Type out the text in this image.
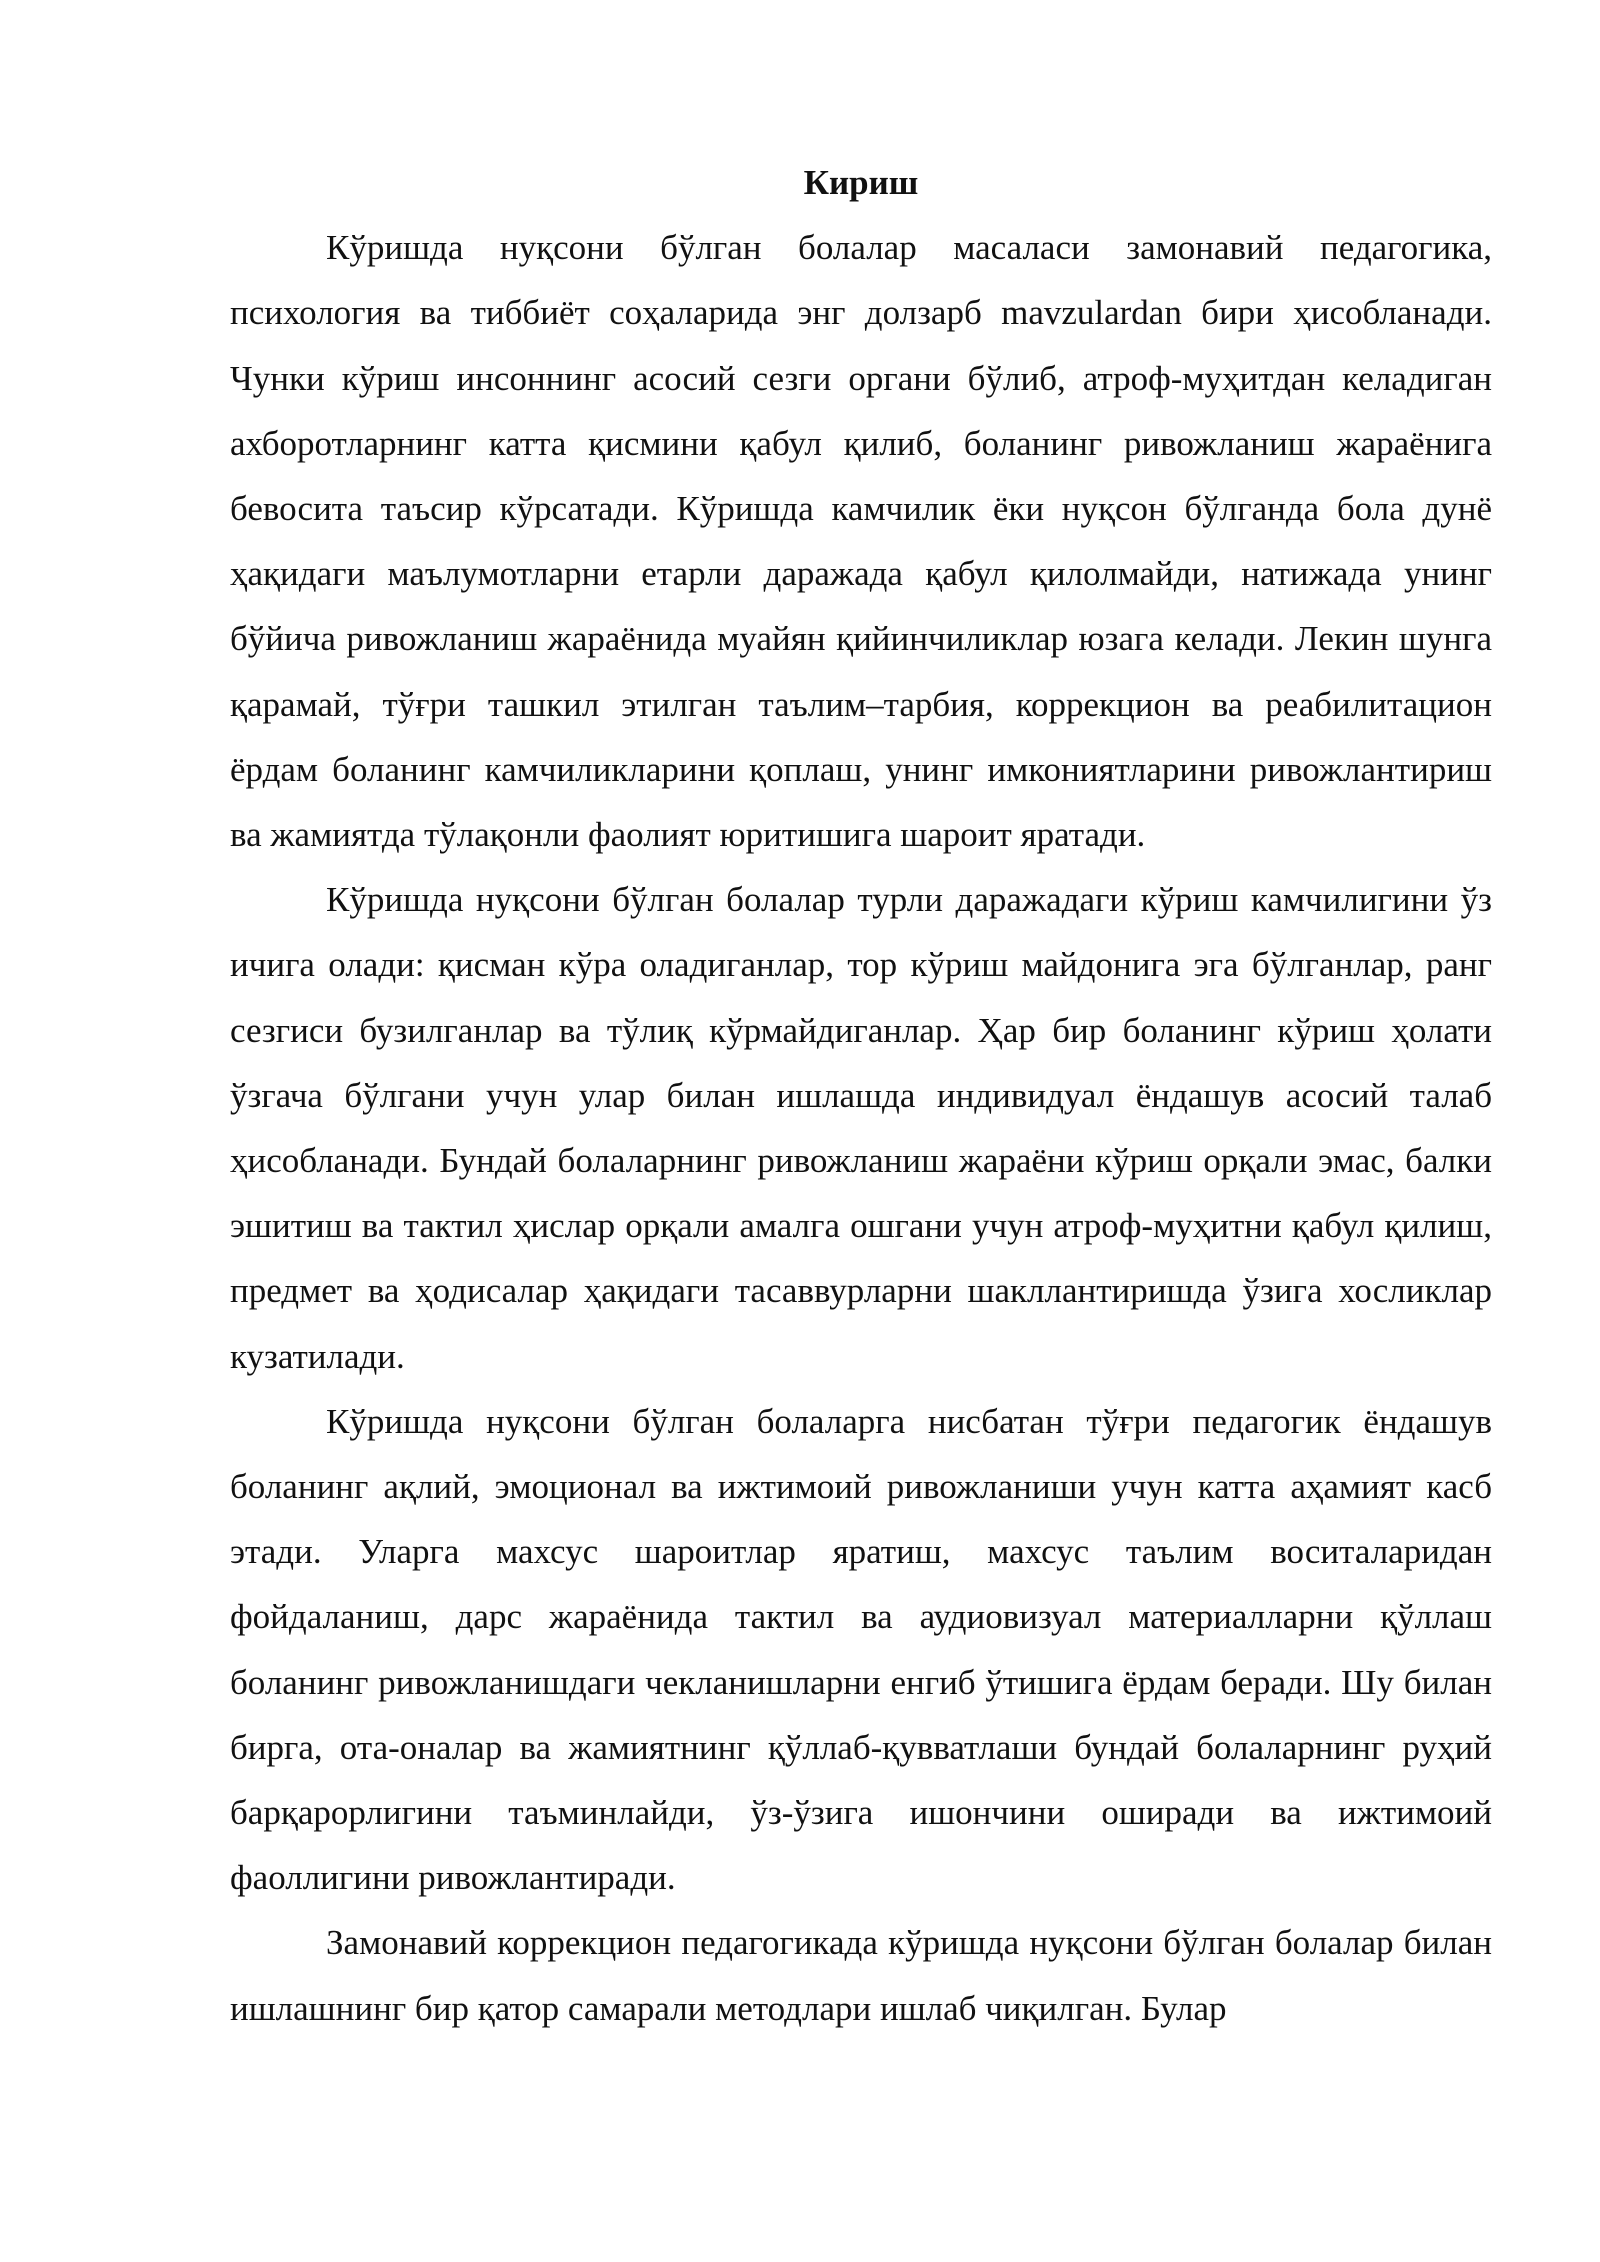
Кириш

Кўришда нуқсони бўлган болалар масаласи замонавий педагогика, психология ва тиббиёт соҳаларида энг долзарб mavzulardan бири ҳисобланади. Чунки кўриш инсоннинг асосий сезги органи бўлиб, атроф-муҳитдан келадиган ахборотларнинг катта қисмини қабул қилиб, боланинг ривожланиш жараёнига бевосита таъсир кўрсатади. Кўришда камчилик ёки нуқсон бўлганда бола дунё ҳақидаги маълумотларни етарли даражада қабул қилолмайди, натижада унинг бўйича ривожланиш жараёнида муайян қийинчиликлар юзага келади. Лекин шунга қарамай, тўғри ташкил этилган таълим–тарбия, коррекцион ва реабилитацион ёрдам боланинг камчиликларини қоплаш, унинг имкониятларини ривожлантириш ва жамиятда тўлақонли фаолият юритишига шароит яратади.

Кўришда нуқсони бўлган болалар турли даражадаги кўриш камчилигини ўз ичига олади: қисман кўра оладиганлар, тор кўриш майдонига эга бўлганлар, ранг сезгиси бузилганлар ва тўлиқ кўрмайдиганлар. Ҳар бир боланинг кўриш ҳолати ўзгача бўлгани учун улар билан ишлашда индивидуал ёндашув асосий талаб ҳисобланади. Бундай болаларнинг ривожланиш жараёни кўриш орқали эмас, балки эшитиш ва тактил ҳислар орқали амалга ошгани учун атроф-муҳитни қабул қилиш, предмет ва ҳодисалар ҳақидаги тасаввурларни шакллантиришда ўзига хосликлар кузатилади.

Кўришда нуқсони бўлган болаларга нисбатан тўғри педагогик ёндашув боланинг ақлий, эмоционал ва ижтимоий ривожланиши учун катта аҳамият касб этади. Уларга махсус шароитлар яратиш, махсус таълим воситаларидан фойдаланиш, дарс жараёнида тактил ва аудиовизуал материалларни қўллаш боланинг ривожланишдаги чекланишларни енгиб ўтишига ёрдам беради. Шу билан бирга, ота-оналар ва жамиятнинг қўллаб-қувватлаши бундай болаларнинг руҳий барқарорлигини таъминлайди, ўз-ўзига ишончини оширади ва ижтимоий фаоллигини ривожлантиради.

Замонавий коррекцион педагогикада кўришда нуқсони бўлган болалар билан ишлашнинг бир қатор самарали методлари ишлаб чиқилган. Булар
